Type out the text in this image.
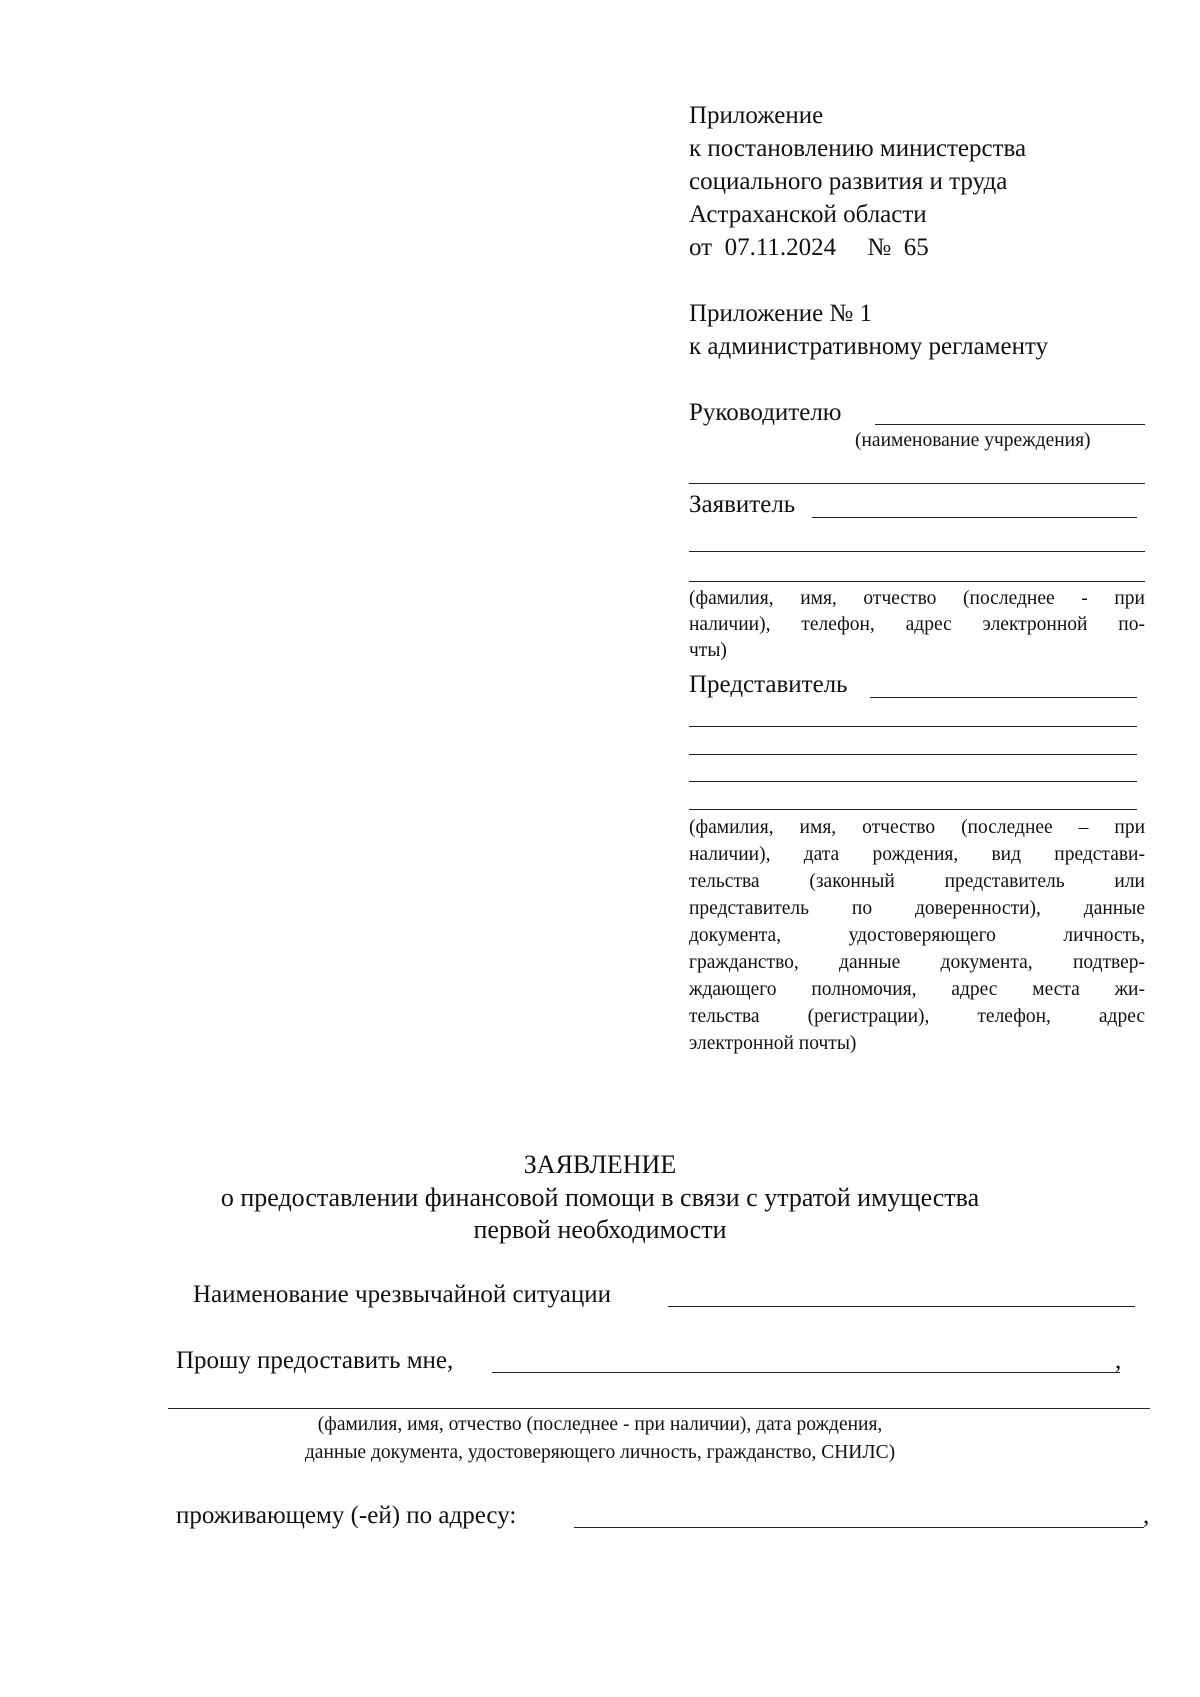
Приложение
к постановлению министерства
социального развития и труда
Астраханской области
от  07.11.2024     №  65
Приложение № 1
к административному регламенту
Руководителю
(наименование учреждения)
Заявитель
(фамилия, имя, отчество (последнее - при
наличии), телефон, адрес электронной по-
чты)
Представитель
(фамилия, имя, отчество (последнее – при
наличии), дата рождения, вид представи-
тельства (законный представитель или
представитель по доверенности), данные
документа, удостоверяющего личность,
гражданство, данные документа, подтвер-
ждающего полномочия, адрес места жи-
тельства (регистрации), телефон, адрес
электронной почты)
ЗАЯВЛЕНИЕ
о предоставлении финансовой помощи в связи с утратой имущества
первой необходимости
Наименование чрезвычайной ситуации
Прошу предоставить мне,	,
(фамилия, имя, отчество (последнее - при наличии), дата рождения,
данные документа, удостоверяющего личность, гражданство, СНИЛС)
проживающему (-ей) по адресу:	,
